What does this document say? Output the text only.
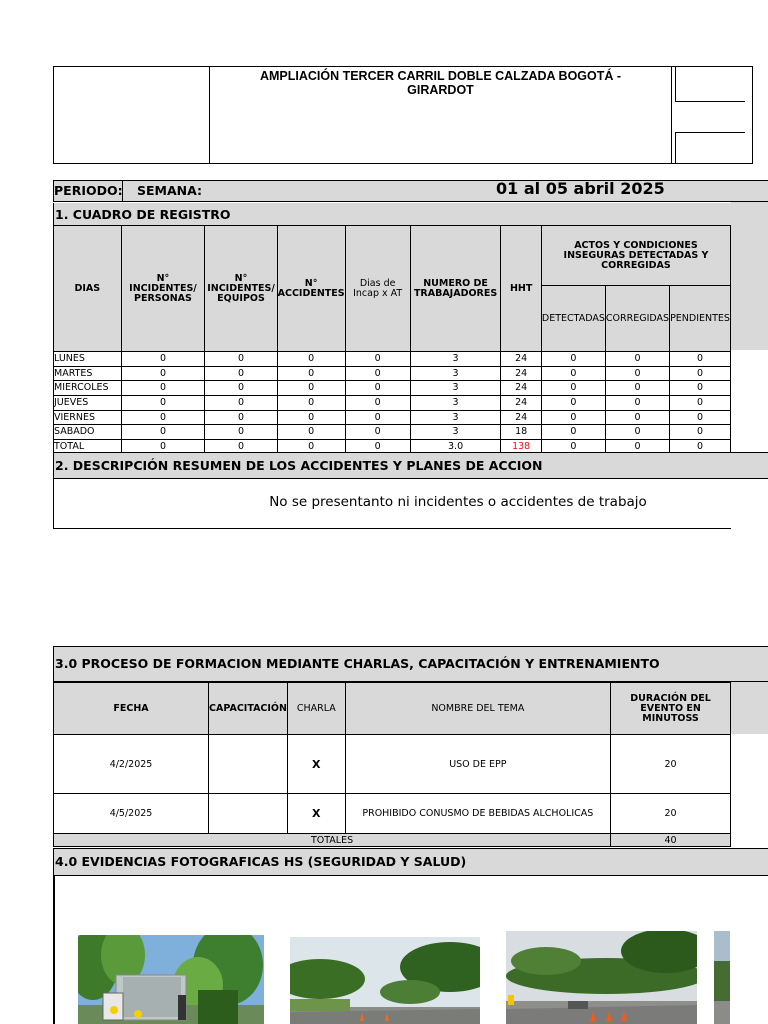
AMPLIACIÓN TERCER CARRIL DOBLE CALZADA BOGOTÁ - GIRARDOT
PERIODO: SEMANA:	01 al 05 abril 2025
1. CUADRO DE REGISTRO
DIAS	N° INCIDENTES/ PERSONAS	N° INCIDENTES/ EQUIPOS	N° ACCIDENTES	Dias de Incap x AT	NUMERO DE TRABAJADORES	HHT	ACTOS Y CONDICIONES INSEGURAS DETECTADAS Y CORREGIDAS		
							DETECTADAS	CORREGIDAS	PENDIENTES
LUNES	0	0	0	0	3	24	0	0	0
MARTES	0	0	0	0	3	24	0	0	0
MIERCOLES	0	0	0	0	3	24	0	0	0
JUEVES	0	0	0	0	3	24	0	0	0
VIERNES	0	0	0	0	3	24	0	0	0
SABADO	0	0	0	0	3	18	0	0	0
TOTAL	0	0	0	0	3.0	138	0	0	0
2. DESCRIPCIÓN RESUMEN DE LOS ACCIDENTES Y PLANES DE ACCION
No se presentanto ni incidentes o accidentes de trabajo
3.0 PROCESO DE FORMACION MEDIANTE CHARLAS, CAPACITACIÓN Y ENTRENAMIENTO
FECHA	CAPACITACIÓN	CHARLA	NOMBRE DEL TEMA	DURACIÓN DEL EVENTO EN MINUTOSS
4/2/2025		X	USO DE EPP	20
4/5/2025		X	PROHIBIDO CONUSMO DE BEBIDAS ALCHOLICAS	20
TOTALES				40
4.0 EVIDENCIAS FOTOGRAFICAS HS (SEGURIDAD Y SALUD)
